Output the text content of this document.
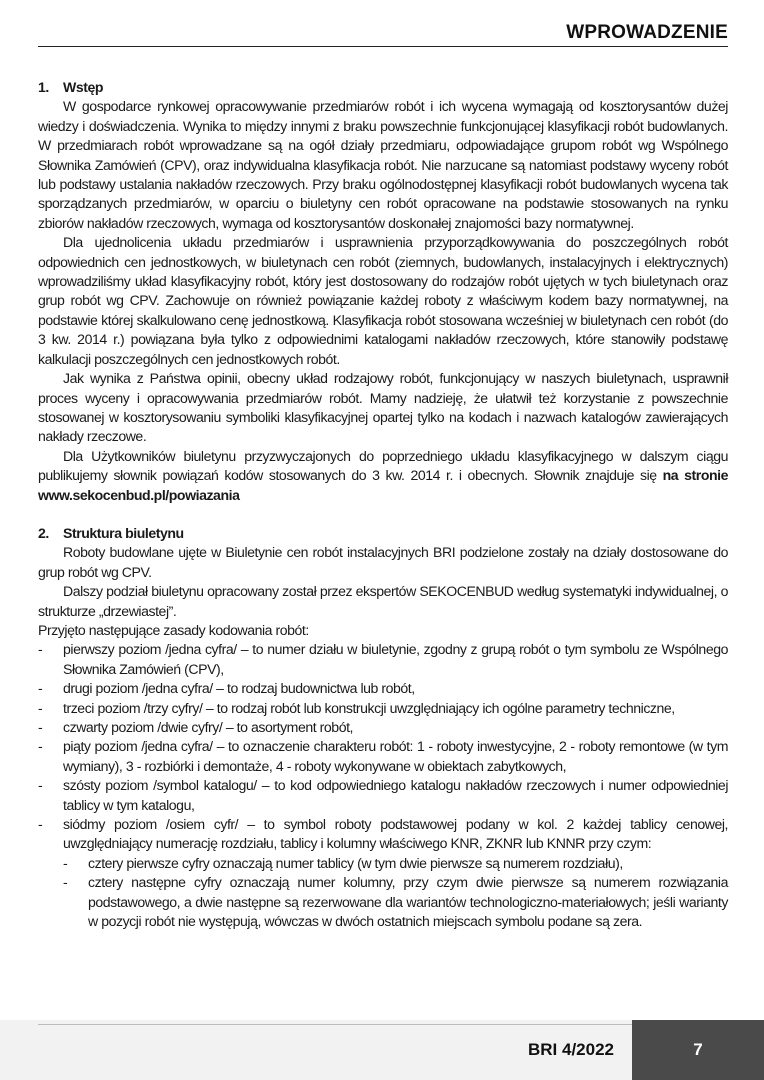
WPROWADZENIE
1. Wstęp

W gospodarce rynkowej opracowywanie przedmiarów robót i ich wycena wymagają od kosztorysantów dużej wiedzy i doświadczenia. Wynika to między innymi z braku powszechnie funkcjonującej klasyfikacji robót budowlanych. W przedmiarach robót wprowadzane są na ogół działy przedmiaru, odpowiadające grupom robót wg Wspólnego Słownika Zamówień (CPV), oraz indywidualna klasyfikacja robót. Nie narzucane są natomiast podstawy wyceny robót lub podstawy ustalania nakładów rzeczowych. Przy braku ogólnodostępnej klasyfikacji robót budowlanych wycena tak sporządzanych przedmiarów, w oparciu o biuletyny cen robót opracowane na podstawie stosowanych na rynku zbiorów nakładów rzeczowych, wymaga od kosztorysantów doskonałej znajomości bazy normatywnej.

Dla ujednolicenia układu przedmiarów i usprawnienia przyporządkowywania do poszczególnych robót odpowiednich cen jednostkowych, w biuletynach cen robót (ziemnych, budowlanych, instalacyjnych i elektrycznych) wprowadziliśmy układ klasyfikacyjny robót, który jest dostosowany do rodzajów robót ujętych w tych biuletynach oraz grup robót wg CPV. Zachowuje on również powiązanie każdej roboty z właściwym kodem bazy normatywnej, na podstawie której skalkulowano cenę jednostkową. Klasyfikacja robót stosowana wcześniej w biuletynach cen robót (do 3 kw. 2014 r.) powiązana była tylko z odpowiednimi katalogami nakładów rzeczowych, które stanowiły podstawę kalkulacji poszczególnych cen jednostkowych robót.

Jak wynika z Państwa opinii, obecny układ rodzajowy robót, funkcjonujący w naszych biuletynach, usprawnił proces wyceny i opracowywania przedmiarów robót. Mamy nadzieję, że ułatwił też korzystanie z powszechnie stosowanej w kosztorysowaniu symboliki klasyfikacyjnej opartej tylko na kodach i nazwach katalogów zawierających nakłady rzeczowe.

Dla Użytkowników biuletynu przyzwyczajonych do poprzedniego układu klasyfikacyjnego w dalszym ciągu publikujemy słownik powiązań kodów stosowanych do 3 kw. 2014 r. i obecnych. Słownik znajduje się na stronie www.sekocenbud.pl/powiazania

2. Struktura biuletynu

Roboty budowlane ujęte w Biuletynie cen robót instalacyjnych BRI podzielone zostały na działy dostosowane do grup robót wg CPV.

Dalszy podział biuletynu opracowany został przez ekspertów SEKOCENBUD według systematyki indywidualnej, o strukturze „drzewiastej”.

Przyjęto następujące zasady kodowania robót:

- pierwszy poziom /jedna cyfra/ – to numer działu w biuletynie, zgodny z grupą robót o tym symbolu ze Wspólnego Słownika Zamówień (CPV),
- drugi poziom /jedna cyfra/ – to rodzaj budownictwa lub robót,
- trzeci poziom /trzy cyfry/ – to rodzaj robót lub konstrukcji uwzględniający ich ogólne parametry techniczne,
- czwarty poziom /dwie cyfry/ – to asortyment robót,
- piąty poziom /jedna cyfra/ – to oznaczenie charakteru robót: 1 - roboty inwestycyjne, 2 - roboty remontowe (w tym wymiany), 3 - rozbiórki i demontaże, 4 - roboty wykonywane w obiektach zabytkowych,
- szósty poziom /symbol katalogu/ – to kod odpowiedniego katalogu nakładów rzeczowych i numer odpowiedniej tablicy w tym katalogu,
- siódmy poziom /osiem cyfr/ – to symbol roboty podstawowej podany w kol. 2 każdej tablicy cenowej, uwzględniający numerację rozdziału, tablicy i kolumny właściwego KNR, ZKNR lub KNNR przy czym:
- cztery pierwsze cyfry oznaczają numer tablicy (w tym dwie pierwsze są numerem rozdziału),
- cztery następne cyfry oznaczają numer kolumny, przy czym dwie pierwsze są numerem rozwiązania podstawowego, a dwie następne są rezerwowane dla wariantów technologiczno-materiałowych; jeśli warianty w pozycji robót nie występują, wówczas w dwóch ostatnich miejscach symbolu podane są zera.
BRI 4/2022	7
